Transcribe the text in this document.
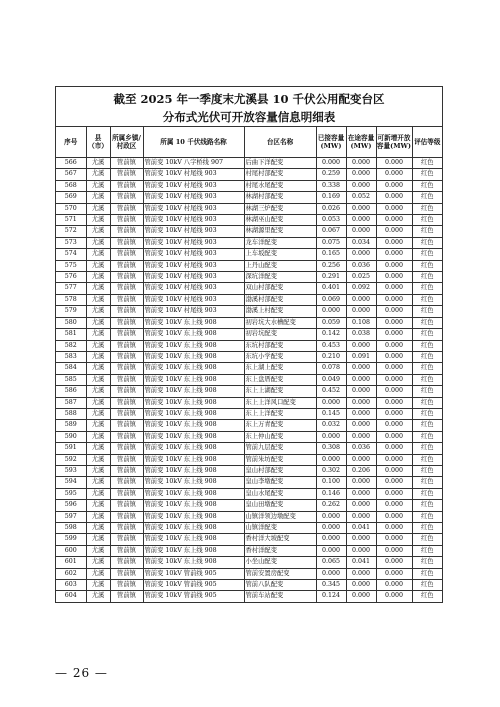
截至 2025 年一季度末尤溪县 10 千伏公用配变台区
分布式光伏可开放容量信息明细表
序号	县（市）	所属乡镇/村政区	所属 10 千伏线路名称	台区名称	已接容量(MW)	在途容量(MW)	可新增开放容量(MW)	评估等级
566	尤溪	管前镇	管前变 10kV 八字桥线 907	后曲下洋配变	0.000	0.000	0.000	红色
567	尤溪	管前镇	管前变 10kV 村尾线 903	村尾村部配变	0.259	0.000	0.000	红色
568	尤溪	管前镇	管前变 10kV 村尾线 903	村尾水尾配变	0.338	0.000	0.000	红色
569	尤溪	管前镇	管前变 10kV 村尾线 903	林湖村部配变	0.169	0.052	0.000	红色
570	尤溪	管前镇	管前变 10kV 村尾线 903	林湖三炉配变	0.026	0.000	0.000	红色
571	尤溪	管前镇	管前变 10kV 村尾线 903	林湖巫山配变	0.053	0.000	0.000	红色
572	尤溪	管前镇	管前变 10kV 村尾线 903	林湖源里配变	0.067	0.000	0.000	红色
573	尤溪	管前镇	管前变 10kV 村尾线 903	龙车洋配变	0.075	0.034	0.000	红色
574	尤溪	管前镇	管前变 10kV 村尾线 903	上车坂配变	0.165	0.000	0.000	红色
575	尤溪	管前镇	管前变 10kV 村尾线 903	上丹山配变	0.256	0.036	0.000	红色
576	尤溪	管前镇	管前变 10kV 村尾线 903	深坑洋配变	0.291	0.025	0.000	红色
577	尤溪	管前镇	管前变 10kV 村尾线 903	双山村部配变	0.401	0.092	0.000	红色
578	尤溪	管前镇	管前变 10kV 村尾线 903	渤溪村部配变	0.069	0.000	0.000	红色
579	尤溪	管前镇	管前变 10kV 村尾线 903	渤溪上村配变	0.000	0.000	0.000	红色
580	尤溪	管前镇	管前变 10kV 东上线 908	初岩坑大水槽配变	0.059	0.108	0.000	红色
581	尤溪	管前镇	管前变 10kV 东上线 908	初岩坑配变	0.142	0.038	0.000	红色
582	尤溪	管前镇	管前变 10kV 东上线 908	东坑村部配变	0.453	0.000	0.000	红色
583	尤溪	管前镇	管前变 10kV 东上线 908	东坑小学配变	0.210	0.091	0.000	红色
584	尤溪	管前镇	管前变 10kV 东上线 908	东上湖上配变	0.078	0.000	0.000	红色
585	尤溪	管前镇	管前变 10kV 东上线 908	东上盘厝配变	0.049	0.000	0.000	红色
586	尤溪	管前镇	管前变 10kV 东上线 908	东上上湖配变	0.452	0.000	0.000	红色
587	尤溪	管前镇	管前变 10kV 东上线 908	东上上洋风口配变	0.000	0.000	0.000	红色
588	尤溪	管前镇	管前变 10kV 东上线 908	东上上洋配变	0.145	0.000	0.000	红色
589	尤溪	管前镇	管前变 10kV 东上线 908	东上万青配变	0.032	0.000	0.000	红色
590	尤溪	管前镇	管前变 10kV 东上线 908	东上仲山配变	0.000	0.000	0.000	红色
591	尤溪	管前镇	管前变 10kV 东上线 908	管前九层配变	0.308	0.036	0.000	红色
592	尤溪	管前镇	管前变 10kV 东上线 908	管前朱坊配变	0.000	0.000	0.000	红色
593	尤溪	管前镇	管前变 10kV 东上线 908	皇山村部配变	0.302	0.206	0.000	红色
594	尤溪	管前镇	管前变 10kV 东上线 908	皇山李墩配变	0.100	0.000	0.000	红色
595	尤溪	管前镇	管前变 10kV 东上线 908	皇山水尾配变	0.146	0.000	0.000	红色
596	尤溪	管前镇	管前变 10kV 东上线 908	皇山田墩配变	0.262	0.000	0.000	红色
597	尤溪	管前镇	管前变 10kV 东上线 908	山镇洋领边墩配变	0.000	0.000	0.000	红色
598	尤溪	管前镇	管前变 10kV 东上线 908	山镇洋配变	0.000	0.041	0.000	红色
599	尤溪	管前镇	管前变 10kV 东上线 908	香村洋大坡配变	0.000	0.000	0.000	红色
600	尤溪	管前镇	管前变 10kV 东上线 908	香村洋配变	0.000	0.000	0.000	红色
601	尤溪	管前镇	管前变 10kV 东上线 908	小坐山配变	0.065	0.041	0.000	红色
602	尤溪	管前镇	管前变 10kV 管前线 905	管前安置房配变	0.000	0.000	0.000	红色
603	尤溪	管前镇	管前变 10kV 管前线 905	管前八队配变	0.345	0.000	0.000	红色
604	尤溪	管前镇	管前变 10kV 管前线 905	管前车站配变	0.124	0.000	0.000	红色
— 26 —
